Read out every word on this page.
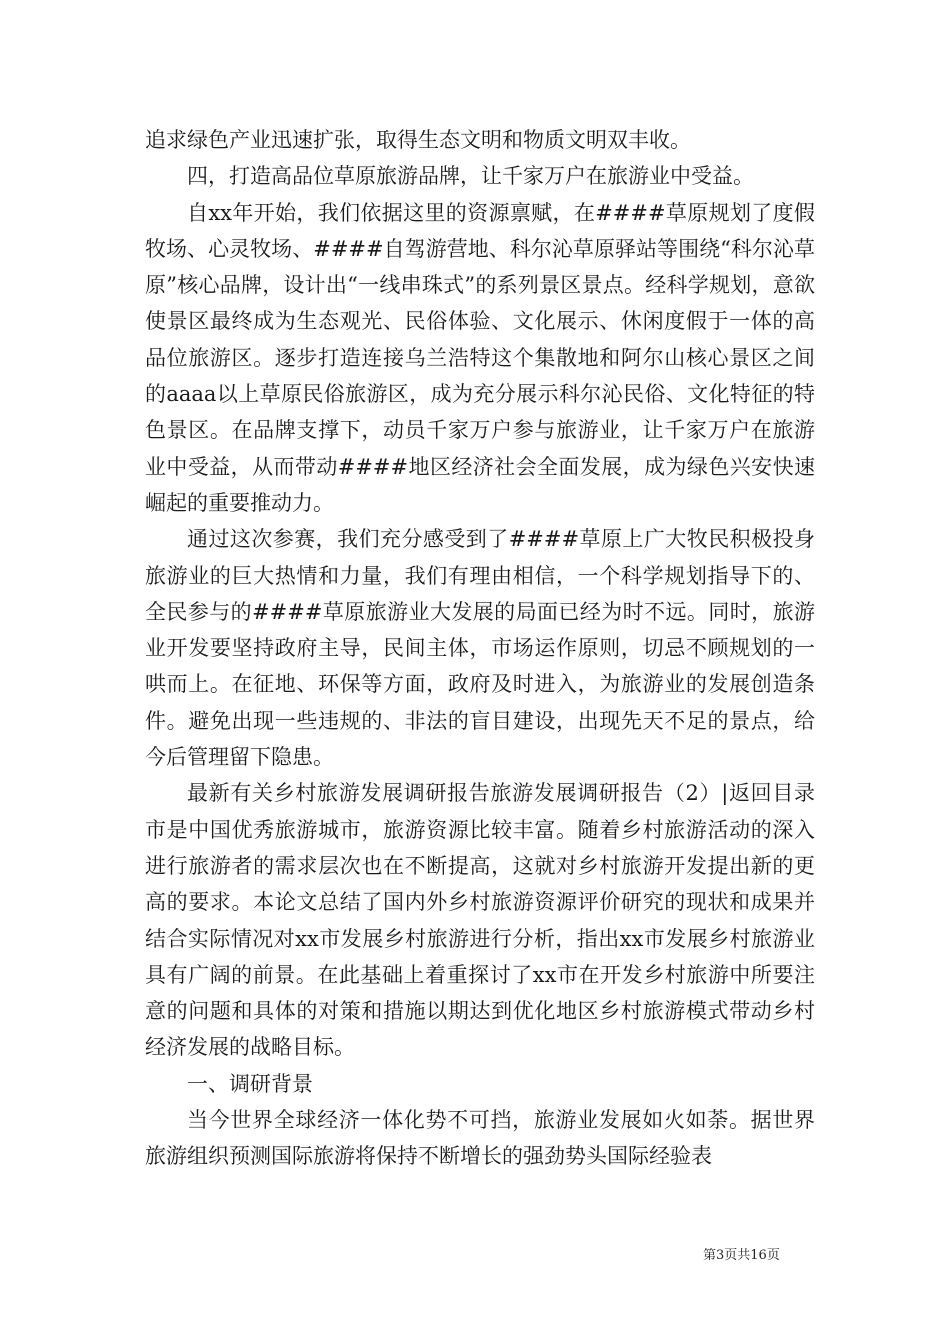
追求绿色产业迅速扩张，取得生态文明和物质文明双丰收。

四，打造高品位草原旅游品牌，让千家万户在旅游业中受益。

自xx年开始，我们依据这里的资源禀赋，在####草原规划了度假牧场、心灵牧场、####自驾游营地、科尔沁草原驿站等围绕“科尔沁草原”核心品牌，设计出“一线串珠式”的系列景区景点。经科学规划，意欲使景区最终成为生态观光、民俗体验、文化展示、休闲度假于一体的高品位旅游区。逐步打造连接乌兰浩特这个集散地和阿尔山核心景区之间的aaaa以上草原民俗旅游区，成为充分展示科尔沁民俗、文化特征的特色景区。在品牌支撑下，动员千家万户参与旅游业，让千家万户在旅游业中受益，从而带动####地区经济社会全面发展，成为绿色兴安快速崛起的重要推动力。

通过这次参赛，我们充分感受到了####草原上广大牧民积极投身旅游业的巨大热情和力量，我们有理由相信，一个科学规划指导下的、全民参与的####草原旅游业大发展的局面已经为时不远。同时，旅游业开发要坚持政府主导，民间主体，市场运作原则，切忌不顾规划的一哄而上。在征地、环保等方面，政府及时进入，为旅游业的发展创造条件。避免出现一些违规的、非法的盲目建设，出现先天不足的景点，给今后管理留下隐患。

最新有关乡村旅游发展调研报告旅游发展调研报告（2）|返回目录市是中国优秀旅游城市，旅游资源比较丰富。随着乡村旅游活动的深入进行旅游者的需求层次也在不断提高，这就对乡村旅游开发提出新的更高的要求。本论文总结了国内外乡村旅游资源评价研究的现状和成果并结合实际情况对xx市发展乡村旅游进行分析，指出xx市发展乡村旅游业具有广阔的前景。在此基础上着重探讨了xx市在开发乡村旅游中所要注意的问题和具体的对策和措施以期达到优化地区乡村旅游模式带动乡村经济发展的战略目标。

一、调研背景

当今世界全球经济一体化势不可挡，旅游业发展如火如荼。据世界旅游组织预测国际旅游将保持不断增长的强劲势头国际经验表

第3页共16页
